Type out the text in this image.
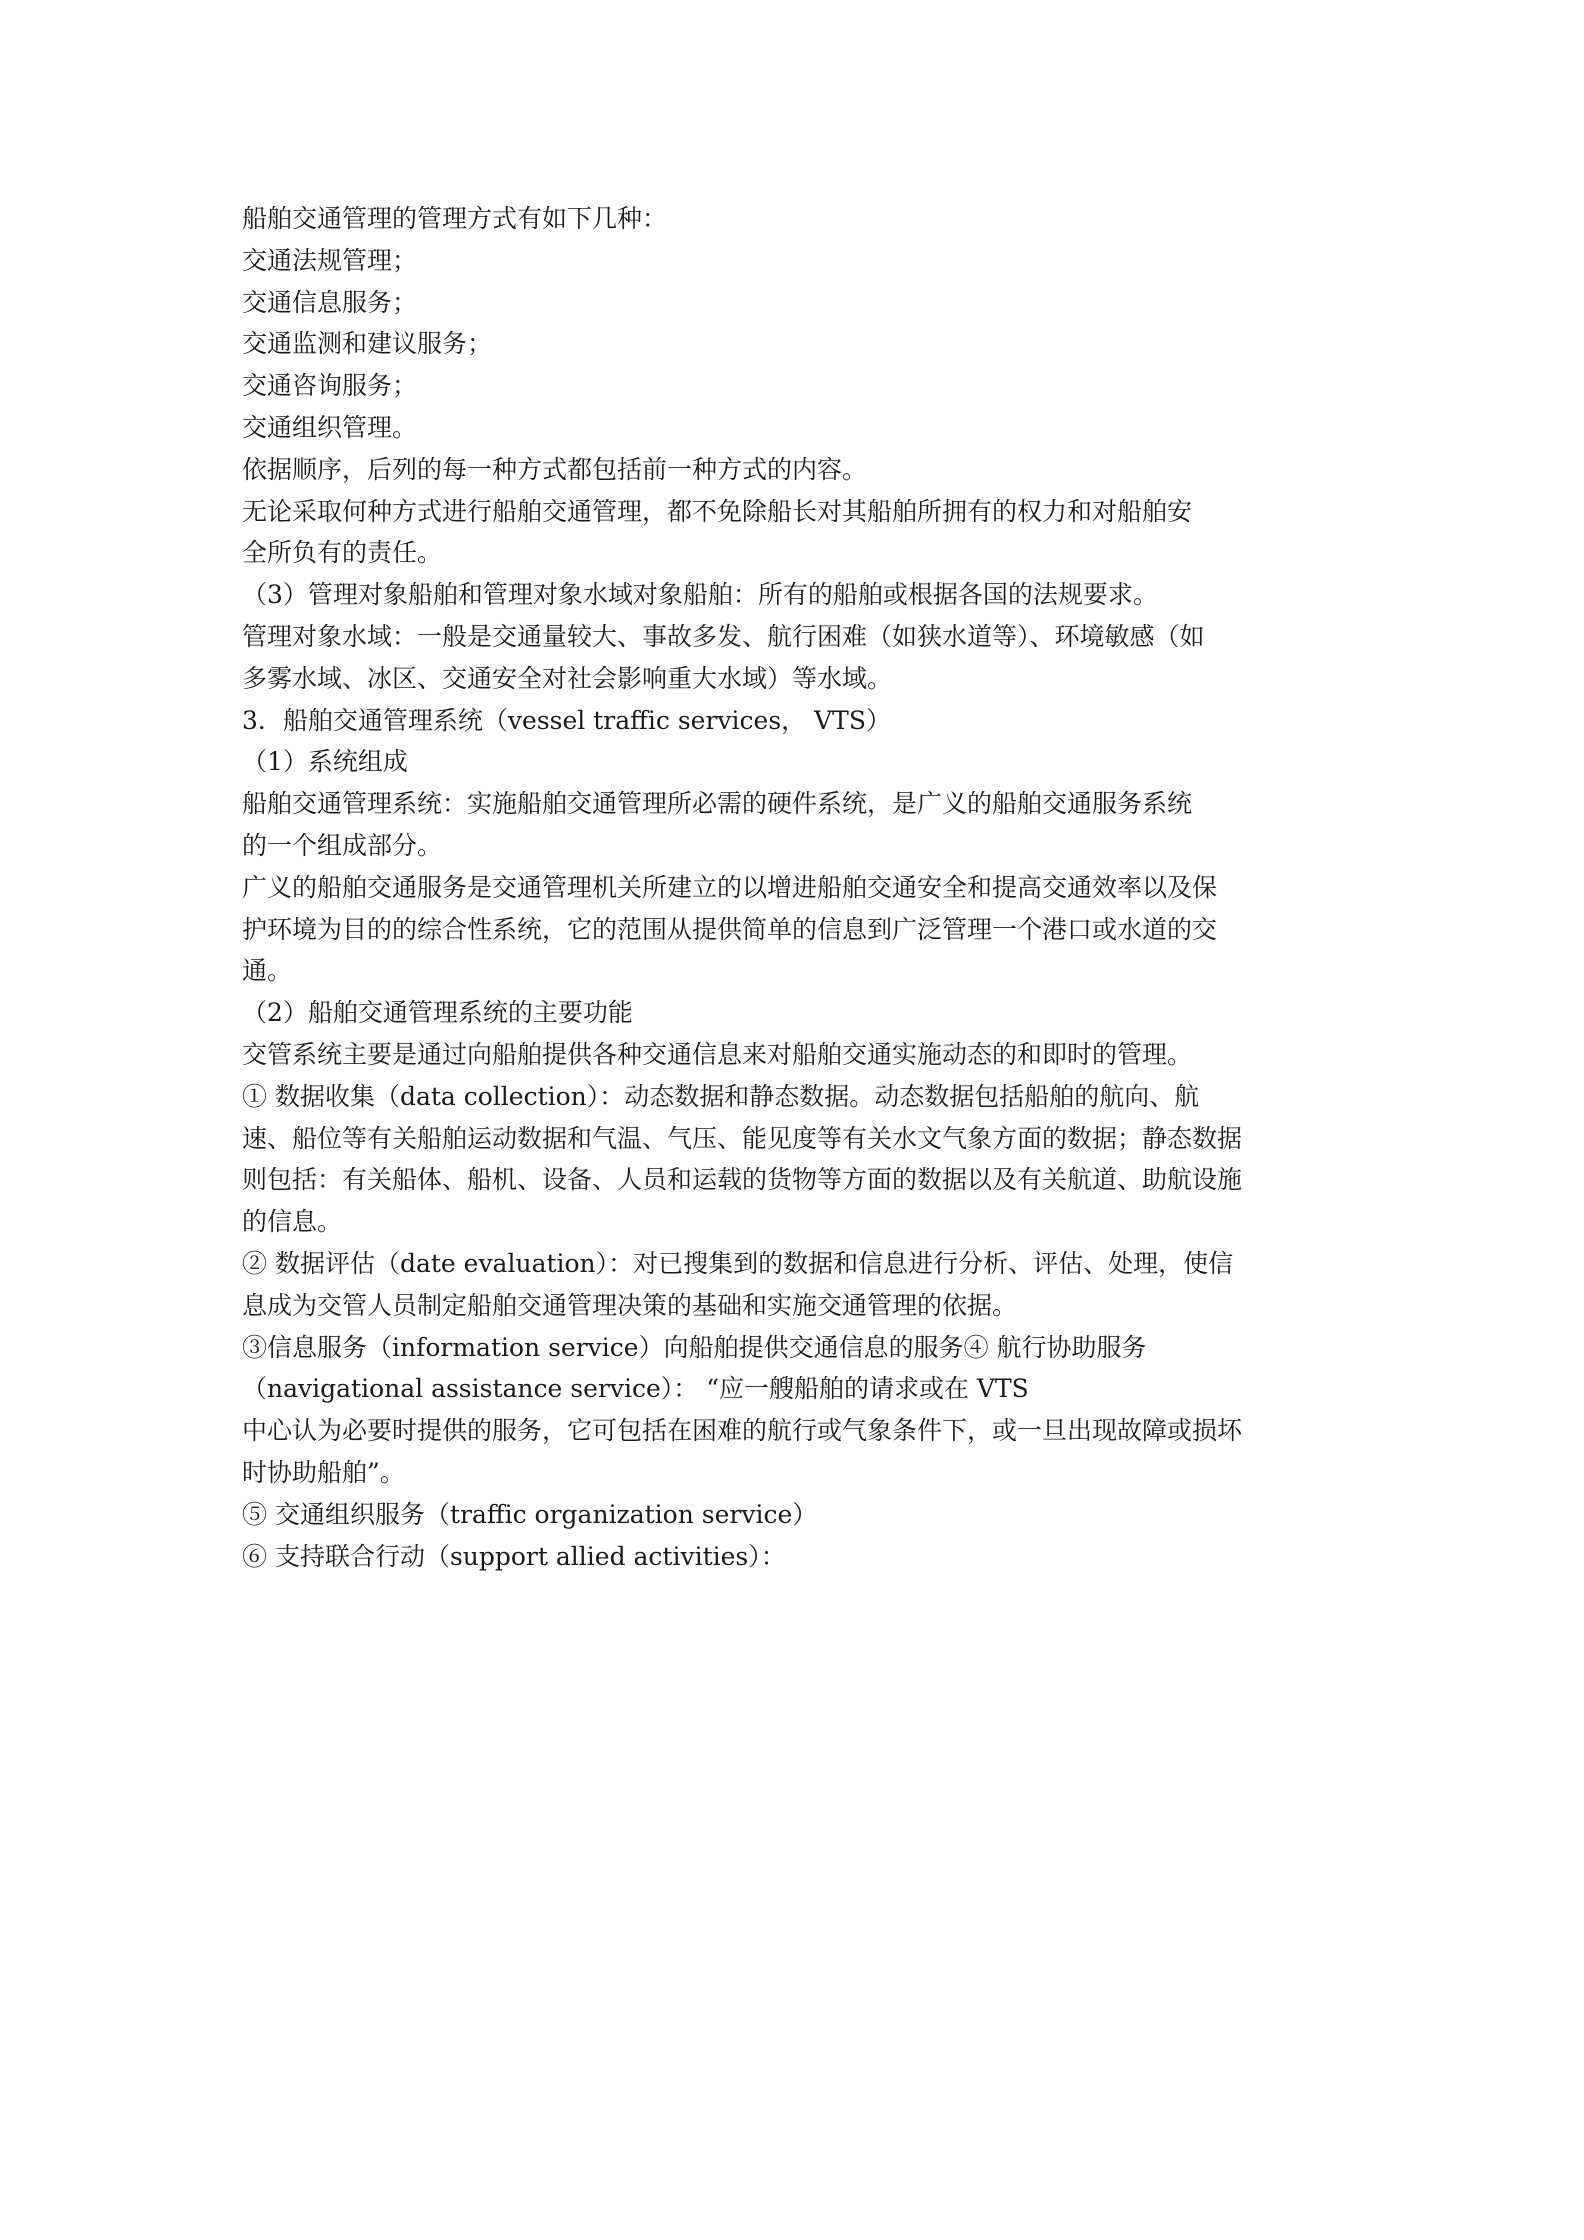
船舶交通管理的管理方式有如下几种：
交通法规管理；
交通信息服务；
交通监测和建议服务；
交通咨询服务；
交通组织管理。
依据顺序，后列的每一种方式都包括前一种方式的内容。
无论采取何种方式进行船舶交通管理，都不免除船长对其船舶所拥有的权力和对船舶安
全所负有的责任。
（3）管理对象船舶和管理对象水域对象船舶：所有的船舶或根据各国的法规要求。
管理对象水域：一般是交通量较大、事故多发、航行困难（如狭水道等）、环境敏感（如
多雾水域、冰区、交通安全对社会影响重大水域）等水域。
3．船舶交通管理系统（vessel traffic services， VTS）
（1）系统组成
船舶交通管理系统：实施船舶交通管理所必需的硬件系统，是广义的船舶交通服务系统
的一个组成部分。
广义的船舶交通服务是交通管理机关所建立的以增进船舶交通安全和提高交通效率以及保
护环境为目的的综合性系统，它的范围从提供简单的信息到广泛管理一个港口或水道的交
通。
（2）船舶交通管理系统的主要功能
交管系统主要是通过向船舶提供各种交通信息来对船舶交通实施动态的和即时的管理。
① 数据收集（data collection）：动态数据和静态数据。动态数据包括船舶的航向、航
速、船位等有关船舶运动数据和气温、气压、能见度等有关水文气象方面的数据；静态数据
则包括：有关船体、船机、设备、人员和运载的货物等方面的数据以及有关航道、助航设施
的信息。
② 数据评估（date evaluation）：对已搜集到的数据和信息进行分析、评估、处理，使信
息成为交管人员制定船舶交通管理决策的基础和实施交通管理的依据。
③信息服务（information service）向船舶提供交通信息的服务④ 航行协助服务
（navigational assistance service）： “应一艘船舶的请求或在 VTS
中心认为必要时提供的服务，它可包括在困难的航行或气象条件下，或一旦出现故障或损坏
时协助船舶”。
⑤ 交通组织服务（traffic organization service）
⑥ 支持联合行动（support allied activities）：
